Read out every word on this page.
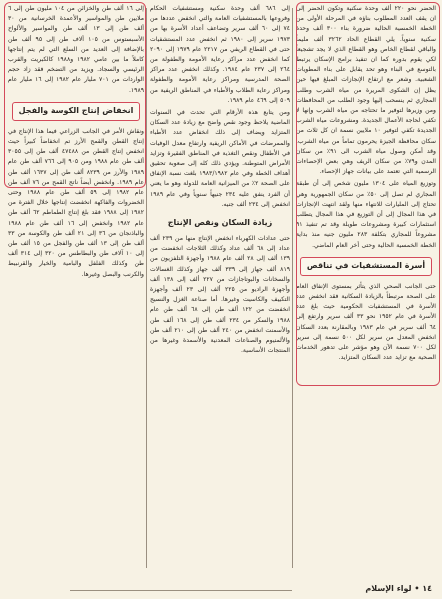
الحضر نحو ٢٢٠ ألف وحدة سكنية وتكون الحضر إلى ان يقف العدد المطلوب بناؤه في المرحلة الأولى من الخطة الخمسية الحالية ضرورة بناء ٣٠٠ ألف وحدة سكنية سنوياً. يلي القطاع الحاد ٣٢٦٢ ألف مليماً والباقي لقطاع الخاص وهو القطاع الذي لا يجد تشجيعاً لكي يقوم بدوره كما ان تنفيذ برامج الإسكان يرتبط بالتوسع في البناء وهو تحد يقابل على بناء المطويات الشعبية. وشعر مع ارتفاع الإنجازات المبلغ فيها حين يظل إن الشكوى المريرة من مياه الشرب وطلب المجاري ثم ينسحب إليها وجود الطلب من المحافظات ومن وزيرها لتوفير ما تحتاجه من مياه الشرب وإنها لا تكفي لحاجة الأعمال الجديدة. ومشروعات مياه الشرب الجديدة تكفي لتوفير ١٠ ملايين نسمة ان كل ثلاث من سكان محافظة الجيزة يحرمون تماماً من مياه الشرب. وقد أمكن وصول مياه الشرب الى ٩١٪ من سكان المدن و٧٩٪ من سكان الريف وهي بعض الإحصاءات الرسمية التي تعتمد على بيانات جهاز الإحصاء.

وتوزيع المياه على ١٣٠٤ مليون شخص إلى أن طبقة المجاري لم تصل إلى ٥٠٪ من سكان الجمهورية وهي تحتاج إلى المليارات للانتهاء منها ولقد انتهت الإنجازات في هذا المجال إلى أن التوزيع في هذا المجال يتطلب استثمارات كبيرة ومشروعات طويلة وقد تم تنفيذ ٩١ مشروعاً للمجاري بتكلفة ٢٨٣ مليون جنيه منذ بداية الخطة الخمسية الحالية وحتى أخر العام الماضي.

أسرة المستشفيات في تناقص

حتى الجانب الصحي الذي يتأثر بمستوى الإنفاق العام على الصحة مرتبطاً بالزيادة السكانية فقد انخفض عدد الأسرة في المستشفيات الحكومية حيث بلغ عدد الأسرة في عام ١٩٥٢ نحو ٣٣ ألف سرير وارتفع إلى ٦٤ ألف سرير في عام ١٩٨٣ وبالمقارنة بعدد السكان انخفض المعدل من سرير لكل ٥٠٠ نسمة إلى سرير لكل ٧٠٠ نسمة الآن وهو مؤشر على تدهور الخدمات الصحية مع تزايد عدد السكان المتزايد.

إلى ٦٨٦ ألف وحدة سكنية ومستشفيات الحكام وفروعها بالمستشفيات العامة والتي انخفض عددها من ٧٤ إلى ٦٠ ألف سرير وتضاعف أعداد الأسرة بها من ١٩٧٣ سرير إلى ١٩٨٠ ثم انخفض عدد المستشفيات حتى في القطاع الريفي من ٢٢١٧ عام ١٩٧٩ إلى ٢٠٩٠ كما انخفض عدد مراكز رعاية الأمومة والطفولة من ٢٦٤ إلى ٢٣٧ عام ١٩٨٤. وكذلك انخفض عدد مراكز الصحة المدرسية ومراكز رعاية الأمومة والطفولة ومراكز رعاية الطلاب والأطباء في المناطق الريفية من ٥٠٩ إلى ٤٦٩ عام ١٩٨٩.

ومن يتابع هذه الأرقام التي تحدث في السنوات الماضية يلاحظ وجود نقص واضح مع زيادة عدد السكان المتزايد ويضاف إلى ذلك انخفاض عدد الأطباء والممرضات في الأماكن الريفية وارتفاع معدل الوفيات في الأطفال ونقص التغذية في المناطق الفقيرة وتزايد الأمراض المتوطنة. ويؤدي ذلك كله إلى صعوبة تحقيق أهداف الخطة وفي عام ١٩٨٣/١٩٨٢ بلغت نسبة الإنفاق على الصحة ٢٪ من الميزانية العامة للدولة وهو ما يعني أن الفرد ينفق عليه ٢٣٤ جنيهاً سنوياً وفي عام ١٩٨٩ انخفض إلى ٢٣٤ ألف جنيه.

زيادة السكان ونقص الإنتاج

حتى عدادات الكهرباء انخفض الإنتاج منها من ٢٣٩ ألف عداد إلى ٦٨ ألف عداد وكذلك الثلاجات انخفضت من ١٣٩ ألف إلى ٢٨ ألف عام ١٩٨٨ وأجهزة التلفزيون من ٨١٩ ألف جهاز إلى ٣٣٩ ألف جهاز وكذلك الغسالات والسخانات والبوتاجازات من ٢٢٧ ألف إلى ١٣٨ ألف وأجهزة الراديو من ٢٢٥ ألف إلى ٢٣ ألف وأجهزة التكييف والكاسيت وغيرها. أما صناعة الغزل والنسيج انخفضت من ١٢٢ ألف طن إلى ٦٨ ألف طن عام ١٩٨٨ والسكر من ٢٣٤ ألف طن إلى ١٦٨ ألف طن والأسمنت انخفض من ٢٤٠ ألف طن إلى ٢١٠ ألف طن والألمنيوم والصناعات المعدنية والأسمدة وغيرها من المنتجات الأساسية.

إلى ١٦ ألف طن والخزائن من ١٠٤ مليون طن إلى ٦ ملايين طن والمواسير والأعمدة الخرسانية من ٣٠ ألف طن إلى ١٣ ألف طن والمواسير والألواح الأسبستوس من ١٠٥ ألاف طن إلى ٩٥ ألف طن بالإضافة إلى العديد من السلع التي لم يتم إنتاجها كاملاً ما بين عامي ١٩٨٢ و١٩٨٨ كالكبريت والقرب الرئيسي والسجاد. ويزيد من التضخم فقد زاد حجم الواردات من ٧٠١ مليار عام ١٩٨٢ إلى ١٦ مليار عام ١٩٨٩.

انخفاض إنتاج الكوسة والفجل

ونقاش الأمر في الجانب الزراعي فيما هذا الإنتاج في إنتاج القطن والقمح الأرز تم انخفاضاً كبيراً حيث انخفض إنتاج القطن من ٤٧٤٨٨ ألف طن إلى ٣٠٥٥ ألف طن عام ١٩٨٨ ومن ٩٠٥ إلى ٧٦٦ ألف طن عام ١٩٨٩ والأرز من ٨٢٣٩ ألف طن إلى ١٦٣٧ ألف طن عام ١٩٨٩. وانخفض أيضاً ناتج القمح من ٧٦ ألف طن عام ١٩٨٢ إلى ٥٩ ألف طن عام ١٩٨٨ وحتى الخضروات والفاكهة انخفضت إنتاجها خلال الفترة من ١٩٨٢ إلى ١٩٨٨ فقد بلغ إنتاج الطماطم ٦٢ ألف طن عام ١٩٨٢ وانخفض إلى ١٦ ألف طن عام ١٩٨٨ والباذنجان من ٣٦ إلى ٢١ ألف طن والكوسة من ٣٣ ألف طن إلى ١٣ ألف طن والفجل من ١٥ ألف طن إلى ١٠ آلاف طن والبطاطس من ٣٢٠ إلى ٣١٤ ألف طن وكذلك الفلفل والبامية والخيار والقرنبيط والكرنب والبصل وغيرها.

١٤ • لواء الإسلام
